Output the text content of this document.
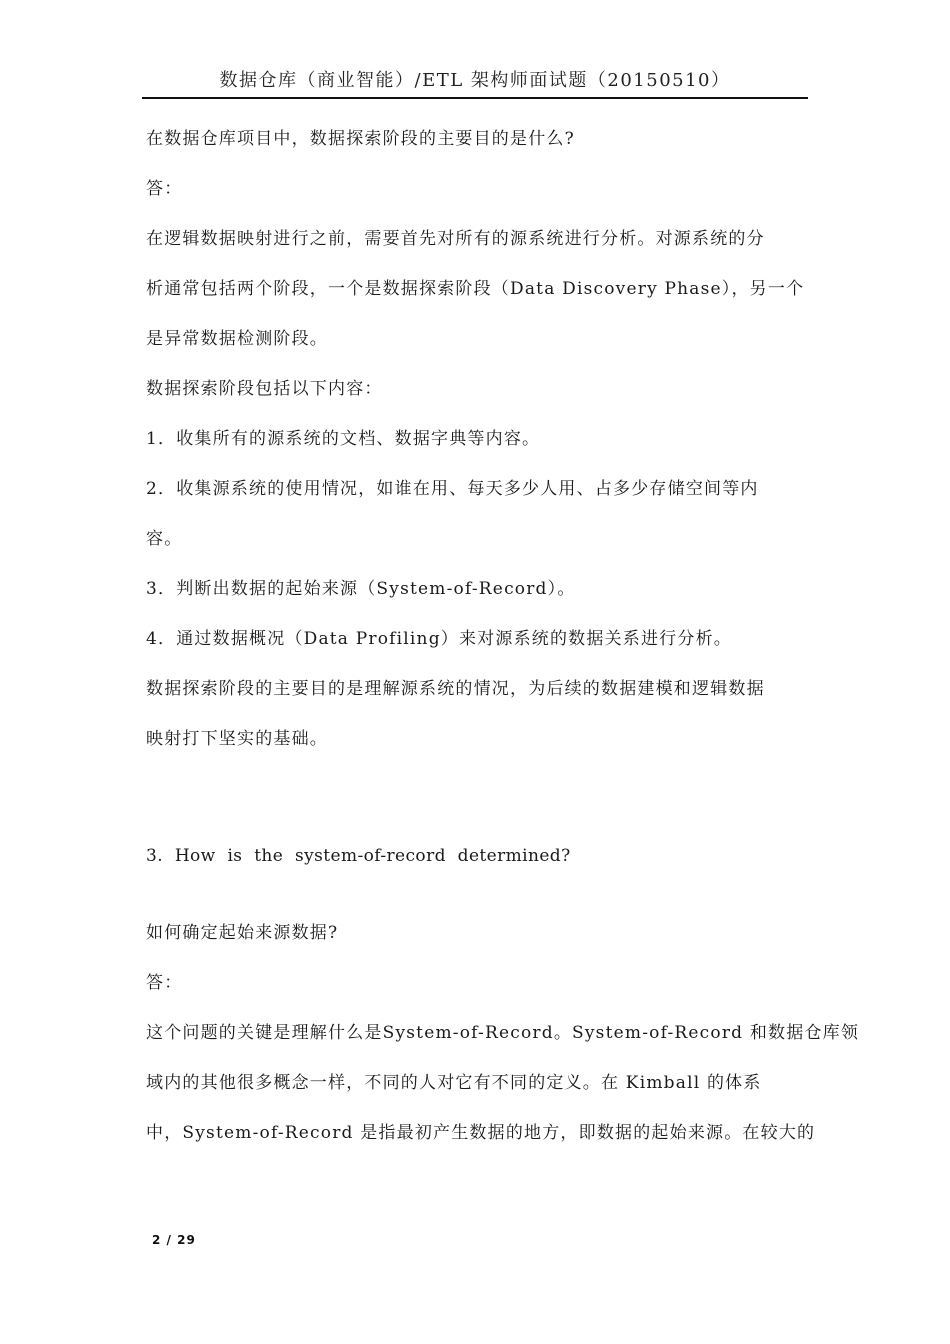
数据仓库（商业智能）/ETL 架构师面试题（20150510）
在数据仓库项目中，数据探索阶段的主要目的是什么?
答：
在逻辑数据映射进行之前，需要首先对所有的源系统进行分析。对源系统的分
析通常包括两个阶段，一个是数据探索阶段（Data Discovery Phase），另一个
是异常数据检测阶段。
数据探索阶段包括以下内容：
1．收集所有的源系统的文档、数据字典等内容。
2．收集源系统的使用情况，如谁在用、每天多少人用、占多少存储空间等内
容。
3．判断出数据的起始来源（System-of-Record）。
4．通过数据概况（Data Profiling）来对源系统的数据关系进行分析。
数据探索阶段的主要目的是理解源系统的情况，为后续的数据建模和逻辑数据
映射打下坚实的基础。
3. How is the system-of-record determined?
如何确定起始来源数据?
答：
这个问题的关键是理解什么是System-of-Record。System-of-Record 和数据仓库领
域内的其他很多概念一样，不同的人对它有不同的定义。在 Kimball 的体系
中，System-of-Record 是指最初产生数据的地方，即数据的起始来源。在较大的
2 / 29
